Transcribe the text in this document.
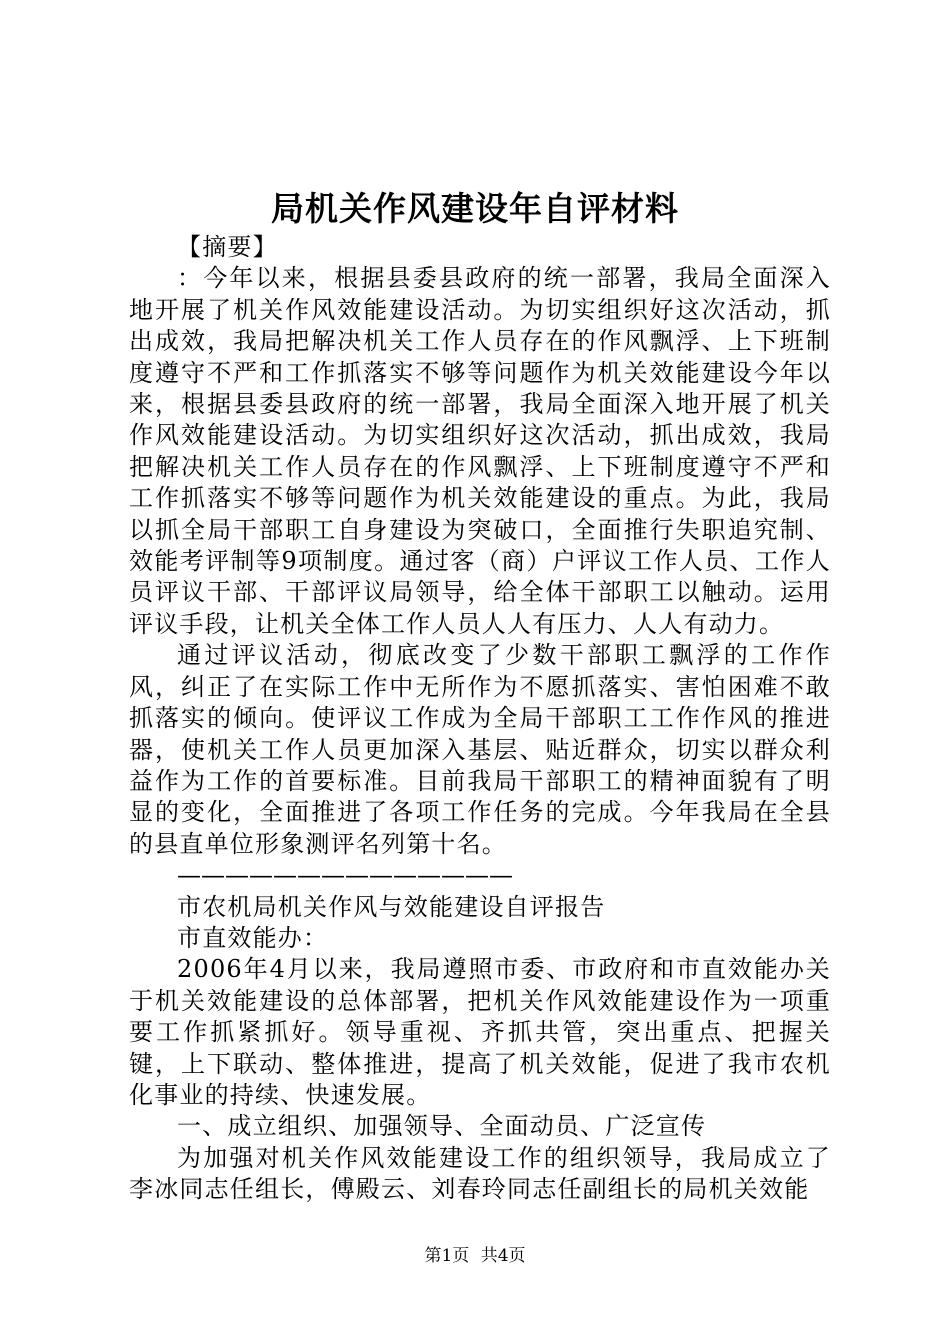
局机关作风建设年自评材料

【摘要】

：今年以来，根据县委县政府的统一部署，我局全面深入地开展了机关作风效能建设活动。为切实组织好这次活动，抓出成效，我局把解决机关工作人员存在的作风飘浮、上下班制度遵守不严和工作抓落实不够等问题作为机关效能建设今年以来，根据县委县政府的统一部署，我局全面深入地开展了机关作风效能建设活动。为切实组织好这次活动，抓出成效，我局把解决机关工作人员存在的作风飘浮、上下班制度遵守不严和工作抓落实不够等问题作为机关效能建设的重点。为此，我局以抓全局干部职工自身建设为突破口，全面推行失职追究制、效能考评制等9项制度。通过客（商）户评议工作人员、工作人员评议干部、干部评议局领导，给全体干部职工以触动。运用评议手段，让机关全体工作人员人人有压力、人人有动力。

通过评议活动，彻底改变了少数干部职工飘浮的工作作风，纠正了在实际工作中无所作为不愿抓落实、害怕困难不敢抓落实的倾向。使评议工作成为全局干部职工工作作风的推进器，使机关工作人员更加深入基层、贴近群众，切实以群众利益作为工作的首要标准。目前我局干部职工的精神面貌有了明显的变化，全面推进了各项工作任务的完成。今年我局在全县的县直单位形象测评名列第十名。

——————————————

市农机局机关作风与效能建设自评报告

市直效能办：

2006年4月以来，我局遵照市委、市政府和市直效能办关于机关效能建设的总体部署，把机关作风效能建设作为一项重要工作抓紧抓好。领导重视、齐抓共管，突出重点、把握关键，上下联动、整体推进，提高了机关效能，促进了我市农机化事业的持续、快速发展。

一、成立组织、加强领导、全面动员、广泛宣传

为加强对机关作风效能建设工作的组织领导，我局成立了李冰同志任组长，傅殿云、刘春玲同志任副组长的局机关效能

第1页 共4页
